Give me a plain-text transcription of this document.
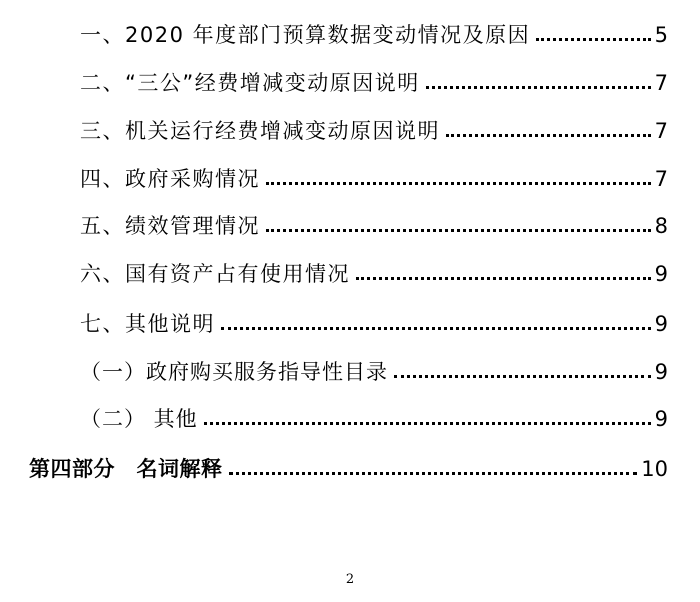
一、2020 年度部门预算数据变动情况及原因	5
二、“三公”经费增减变动原因说明	7
三、机关运行经费增减变动原因说明	7
四、政府采购情况	7
五、绩效管理情况	8
六、国有资产占有使用情况	9
七、其他说明	9
（一）政府购买服务指导性目录	9
（二） 其他	9
第四部分　名词解释	10
2
